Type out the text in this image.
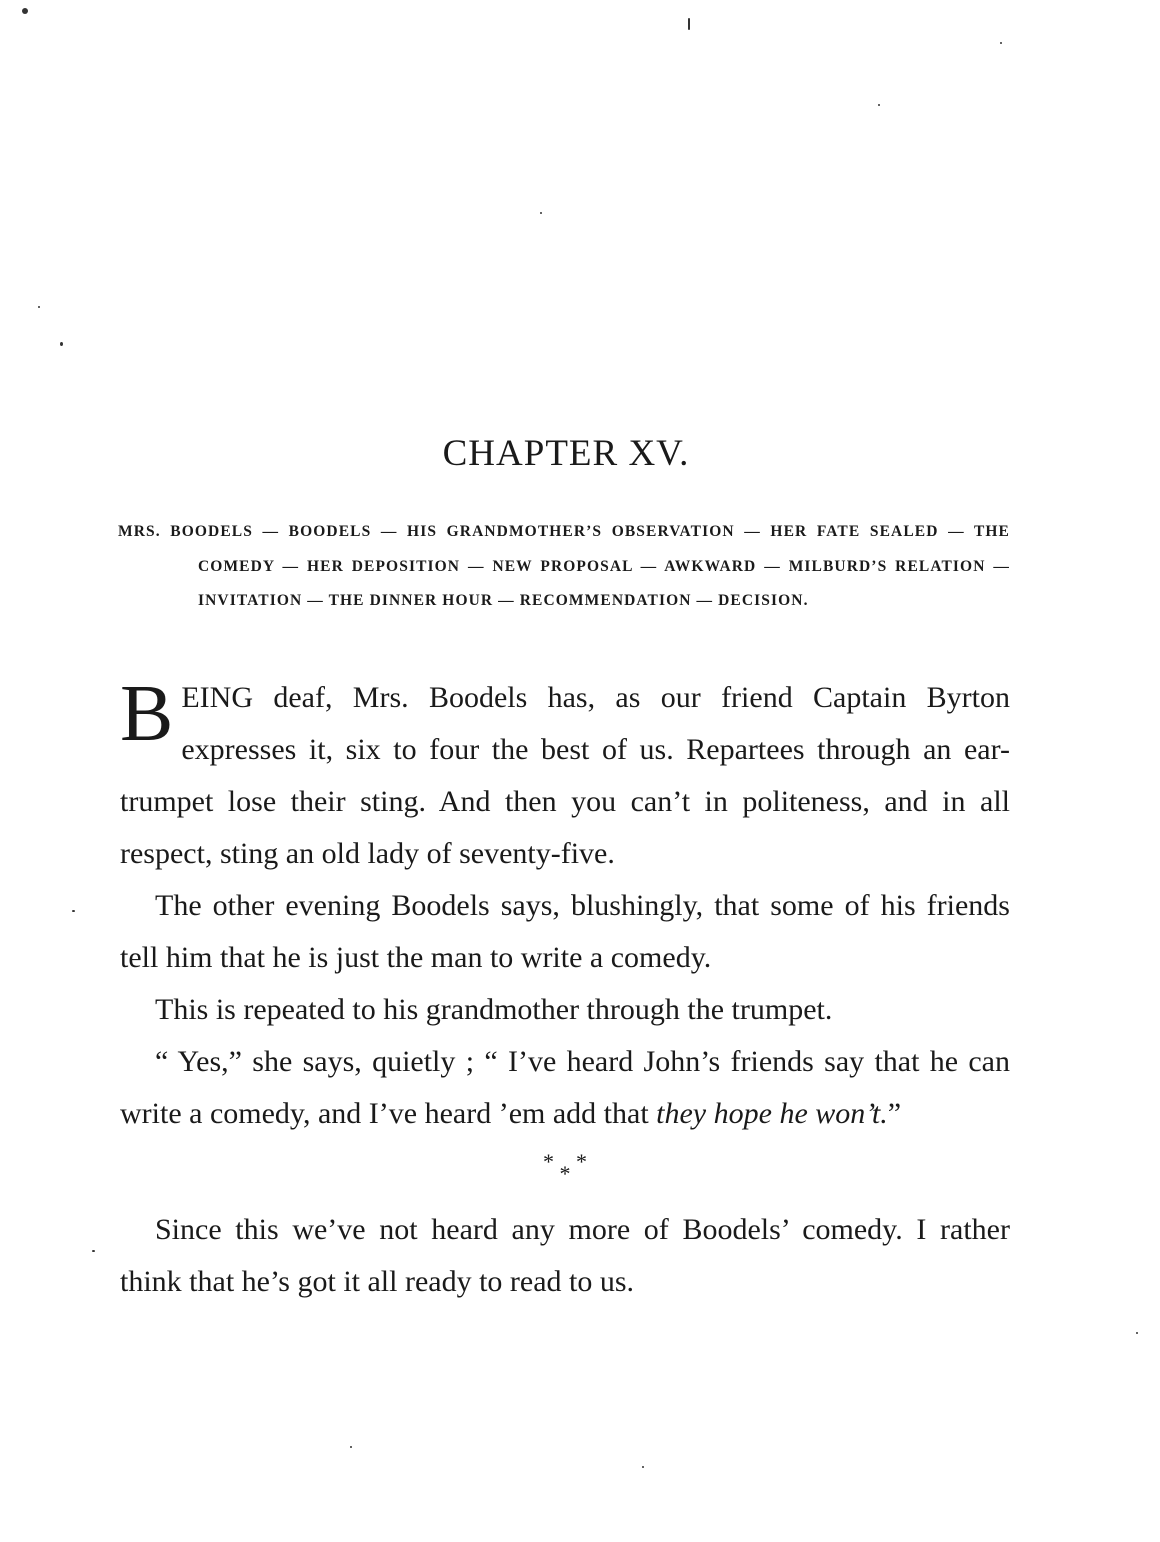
CHAPTER XV.

MRS. BOODELS — BOODELS — HIS GRANDMOTHER’S OBSERVATION — HER FATE SEALED — THE COMEDY — HER DEPOSITION — NEW PROPOSAL — AWKWARD — MILBURD’S RELATION — INVITATION — THE DINNER HOUR — RECOMMENDATION — DECISION.

BEING deaf, Mrs. Boodels has, as our friend Captain Byrton expresses it, six to four the best of us. Repartees through an ear-trumpet lose their sting. And then you can’t in politeness, and in all respect, sting an old lady of seventy-five.

The other evening Boodels says, blushingly, that some of his friends tell him that he is just the man to write a comedy.

This is repeated to his grandmother through the trumpet.

“ Yes,” she says, quietly ; “ I’ve heard John’s friends say that he can write a comedy, and I’ve heard ’em add that they hope he won’t.”

* * *

Since this we’ve not heard any more of Boodels’ comedy. I rather think that he’s got it all ready to read to us.
